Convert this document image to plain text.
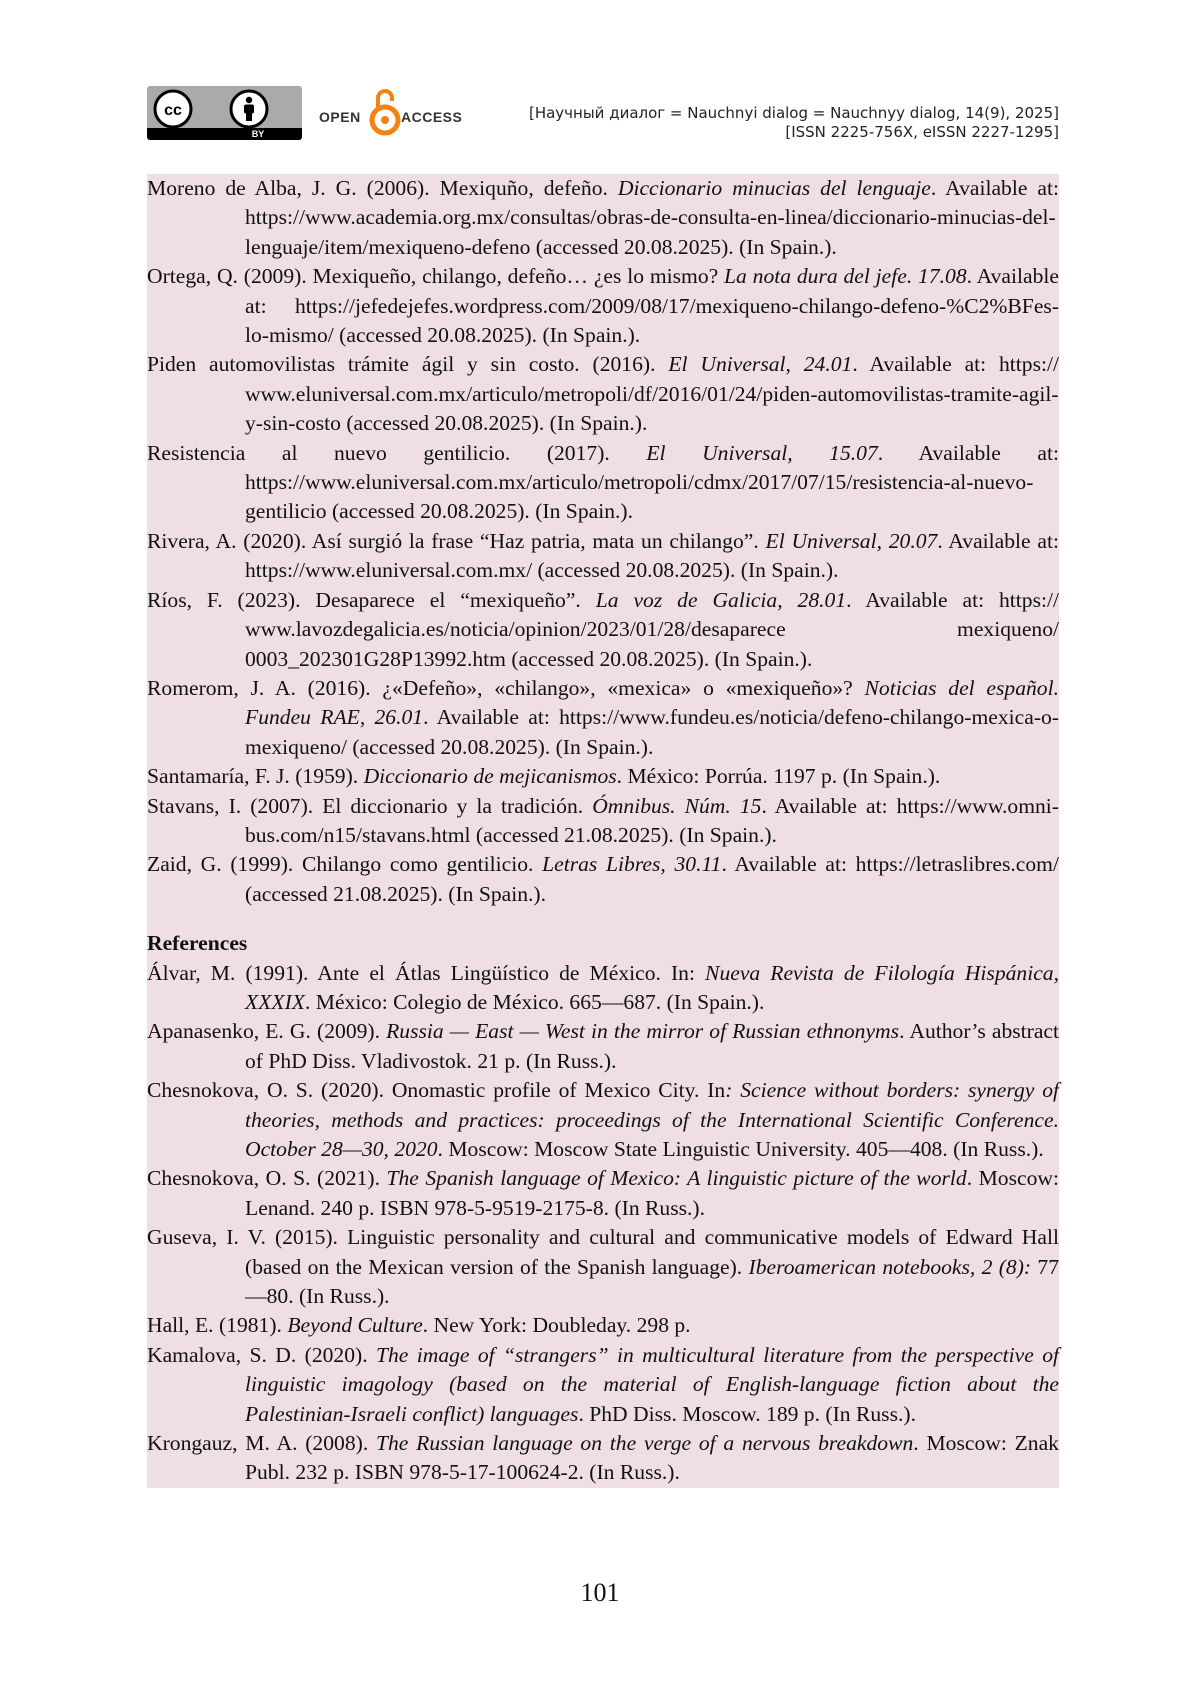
cc
BY
OPEN	ACCESS	[Научный диалог = Nauchnyi dialog = Nauchnyy dialog, 14(9), 2025]
[ISSN 2225-756X, eISSN 2227-1295]

Moreno de Alba, J. G. (2006). Mexiquño, defeño. Diccionario minucias del lenguaje. Available at: https://www.academia.org.mx/consultas/obras-de-consulta-en-linea/diccionario-minucias-del-lenguaje/item/mexiqueno-defeno (accessed 20.08.2025). (In Spain.).

Ortega, Q. (2009). Mexiqueño, chilango, defeño… ¿es lo mismo? La nota dura del jefe. 17.08. Available at: https://jefedejefes.wordpress.com/2009/08/17/mexiqueno-chilango-defeno-%C2%BFes-lo-mismo/ (accessed 20.08.2025). (In Spain.).

Piden automovilistas trámite ágil y sin costo. (2016). El Universal, 24.01. Available at: https:// www.eluniversal.com.mx/articulo/metropoli/df/2016/01/24/piden-automovilistas-tramite-agil-y-sin-costo (accessed 20.08.2025). (In Spain.).

Resistencia al nuevo gentilicio. (2017). El Universal, 15.07. Available at: https://www.eluniversal.com.mx/articulo/metropoli/cdmx/2017/07/15/resistencia-al-nuevo-gentilicio (accessed 20.08.2025). (In Spain.).

Rivera, A. (2020). Así surgió la frase “Haz patria, mata un chilango”. El Universal, 20.07. Available at: https://www.eluniversal.com.mx/ (accessed 20.08.2025). (In Spain.).

Ríos, F. (2023). Desaparece el “mexiqueño”. La voz de Galicia, 28.01. Available at: https:// www.lavozdegalicia.es/noticia/opinion/2023/01/28/desaparece mexiqueno/ 0003_202301G28P13992.htm (accessed 20.08.2025). (In Spain.).

Romerom, J. A. (2016). ¿«Defeño», «chilango», «mexica» o «mexiqueño»? Noticias del español. Fundeu RAE, 26.01. Available at: https://www.fundeu.es/noticia/defeno-chilango-mexica-o-mexiqueno/ (accessed 20.08.2025). (In Spain.).

Santamaría, F. J. (1959). Diccionario de mejicanismos. México: Porrúa. 1197 p. (In Spain.).

Stavans, I. (2007). El diccionario y la tradición. Ómnibus. Núm. 15. Available at: https://www.omni-bus.com/n15/stavans.html (accessed 21.08.2025). (In Spain.).

Zaid, G. (1999). Chilango como gentilicio. Letras Libres, 30.11. Available at: https://letraslibres.com/ (accessed 21.08.2025). (In Spain.).

References

Álvar, M. (1991). Ante el Átlas Lingüístico de México. In: Nueva Revista de Filología Hispánica, XXXIX. México: Colegio de México. 665—687. (In Spain.).

Apanasenko, E. G. (2009). Russia — East — West in the mirror of Russian ethnonyms. Author’s abstract of PhD Diss. Vladivostok. 21 p. (In Russ.).

Chesnokova, O. S. (2020). Onomastic profile of Mexico City. In: Science without borders: synergy of theories, methods and practices: proceedings of the International Scientific Conference. October 28—30, 2020. Moscow: Moscow State Linguistic University. 405—408. (In Russ.).

Chesnokova, O. S. (2021). The Spanish language of Mexico: A linguistic picture of the world. Moscow: Lenand. 240 p. ISBN 978-5-9519-2175-8. (In Russ.).

Guseva, I. V. (2015). Linguistic personality and cultural and communicative models of Edward Hall (based on the Mexican version of the Spanish language). Iberoamerican notebooks, 2 (8): 77—80. (In Russ.).

Hall, E. (1981). Beyond Culture. New York: Doubleday. 298 p.

Kamalova, S. D. (2020). The image of “strangers” in multicultural literature from the perspective of linguistic imagology (based on the material of English-language fiction about the Palestinian-Israeli conflict) languages. PhD Diss. Moscow. 189 p. (In Russ.).

Krongauz, M. A. (2008). The Russian language on the verge of a nervous breakdown. Moscow: Znak Publ. 232 p. ISBN 978-5-17-100624-2. (In Russ.).

101
